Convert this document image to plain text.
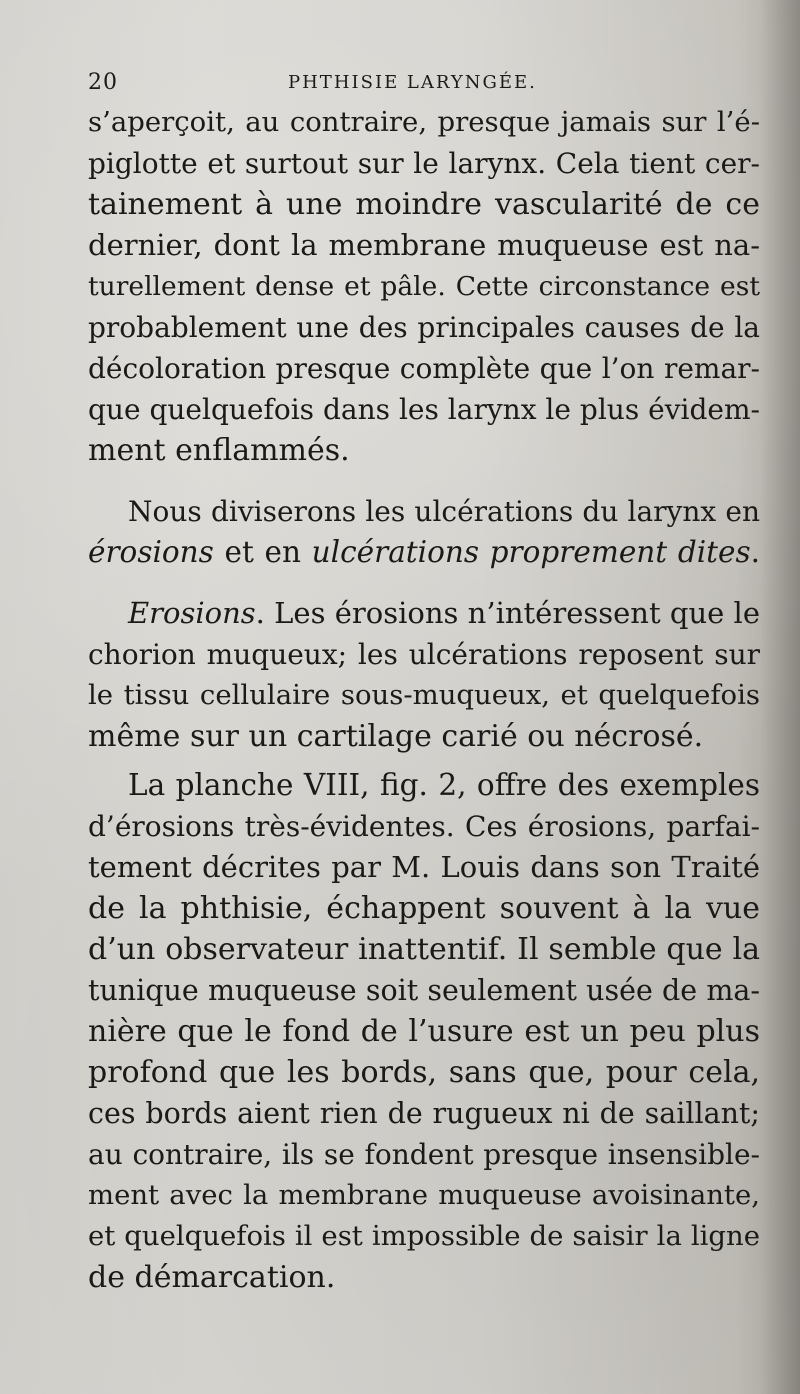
20	PHTHISIE LARYNGÉE.

s’aperçoit, au contraire, presque jamais sur l’é-
piglotte et surtout sur le larynx. Cela tient cer-
tainement à une moindre vascularité de ce
dernier, dont la membrane muqueuse est na-
turellement dense et pâle. Cette circonstance est
probablement une des principales causes de la
décoloration presque complète que l’on remar-
que quelquefois dans les larynx le plus évidem-
ment enflammés.

Nous diviserons les ulcérations du larynx en
érosions et en ulcérations proprement dites.

Erosions. Les érosions n’intéressent que le
chorion muqueux; les ulcérations reposent sur
le tissu cellulaire sous-muqueux, et quelquefois
même sur un cartilage carié ou nécrosé.

La planche VIII, fig. 2, offre des exemples
d’érosions très-évidentes. Ces érosions, parfai-
tement décrites par M. Louis dans son Traité
de la phthisie, échappent souvent à la vue
d’un observateur inattentif. Il semble que la
tunique muqueuse soit seulement usée de ma-
nière que le fond de l’usure est un peu plus
profond que les bords, sans que, pour cela,
ces bords aient rien de rugueux ni de saillant;
au contraire, ils se fondent presque insensible-
ment avec la membrane muqueuse avoisinante,
et quelquefois il est impossible de saisir la ligne
de démarcation.
